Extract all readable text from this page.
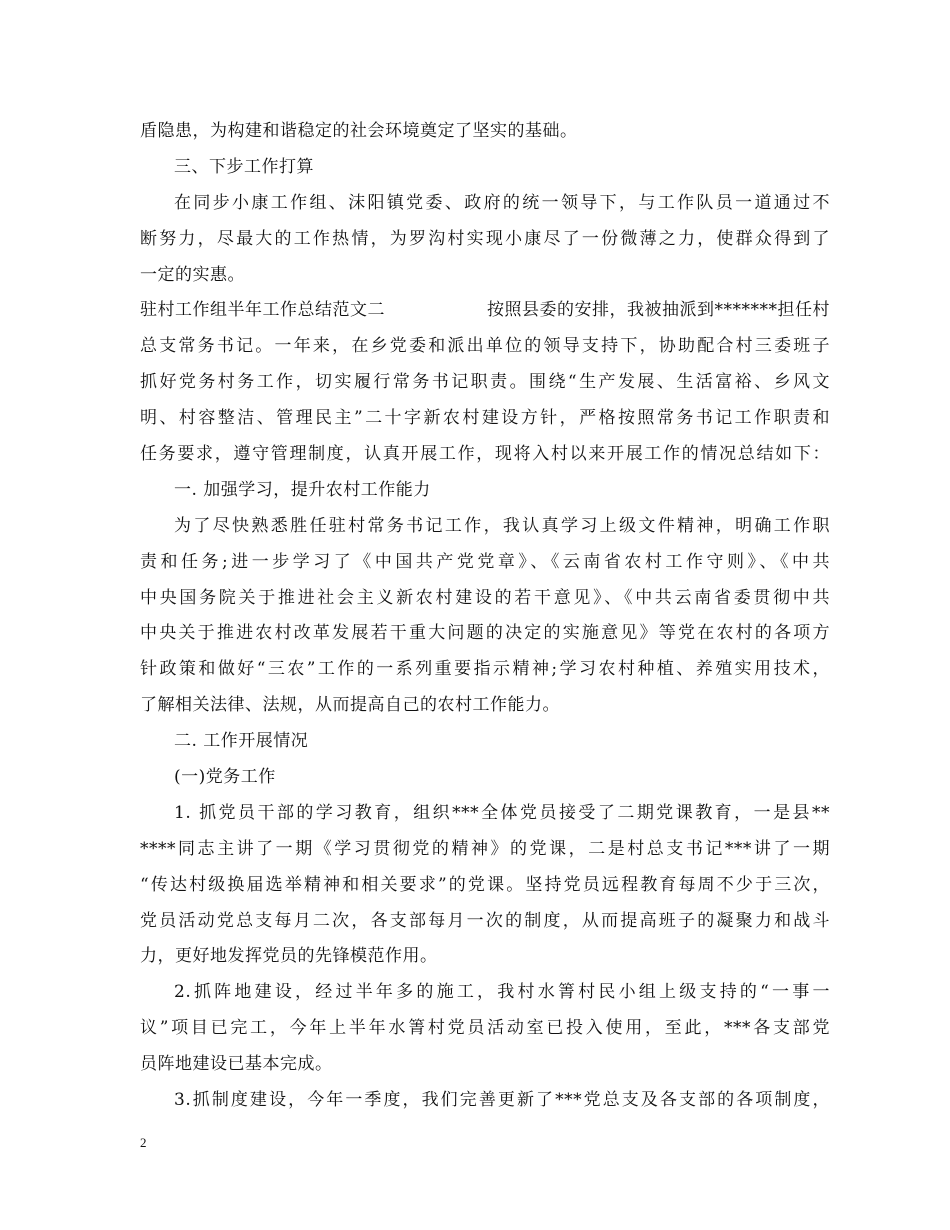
盾隐患，为构建和谐稳定的社会环境奠定了坚实的基础。
三、下步工作打算
在同步小康工作组、沫阳镇党委、政府的统一领导下，与工作队员一道通过不
断努力，尽最大的工作热情，为罗沟村实现小康尽了一份微薄之力，使群众得到了
一定的实惠。
驻村工作组半年工作总结范文二	按照县委的安排，我被抽派到*******担任村
总支常务书记。一年来，在乡党委和派出单位的领导支持下，协助配合村三委班子
抓好党务村务工作，切实履行常务书记职责。围绕“生产发展、生活富裕、乡风文
明、村容整洁、管理民主”二十字新农村建设方针，严格按照常务书记工作职责和
任务要求，遵守管理制度，认真开展工作，现将入村以来开展工作的情况总结如下：
一. 加强学习，提升农村工作能力
为了尽快熟悉胜任驻村常务书记工作，我认真学习上级文件精神，明确工作职
责和任务;进一步学习了《中国共产党党章》、《云南省农村工作守则》、《中共
中央国务院关于推进社会主义新农村建设的若干意见》、《中共云南省委贯彻中共
中央关于推进农村改革发展若干重大问题的决定的实施意见》等党在农村的各项方
针政策和做好“三农”工作的一系列重要指示精神;学习农村种植、养殖实用技术，
了解相关法律、法规，从而提高自己的农村工作能力。
二. 工作开展情况
(一)党务工作
1. 抓党员干部的学习教育，组织***全体党员接受了二期党课教育，一是县**
****同志主讲了一期《学习贯彻党的精神》的党课，二是村总支书记***讲了一期
“传达村级换届选举精神和相关要求”的党课。坚持党员远程教育每周不少于三次，
党员活动党总支每月二次，各支部每月一次的制度，从而提高班子的凝聚力和战斗
力，更好地发挥党员的先锋模范作用。
2.抓阵地建设，经过半年多的施工，我村水箐村民小组上级支持的“一事一
议”项目已完工，今年上半年水箐村党员活动室已投入使用，至此，***各支部党
员阵地建设已基本完成。
3.抓制度建设，今年一季度，我们完善更新了***党总支及各支部的各项制度，
2
